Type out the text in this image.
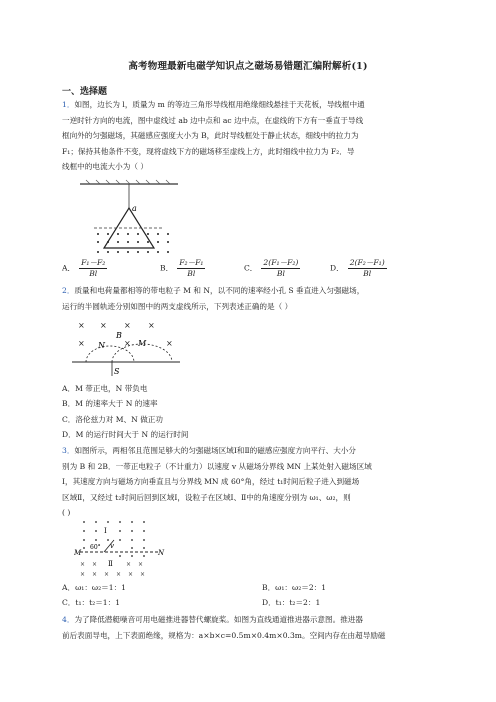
高考物理最新电磁学知识点之磁场易错题汇编附解析(1)
一、选择题
1．如图，边长为 l，质量为 m 的等边三角形导线框用绝缘细线悬挂于天花板，导线框中通
一逆时针方向的电流，图中虚线过 ab 边中点和 ac 边中点，在虚线的下方有一垂直于导线
框向外的匀强磁场，其磁感应强度大小为 B，此时导线框处于静止状态，细线中的拉力为
F₁；保持其他条件不变，现将虚线下方的磁场移至虚线上方，此时细线中拉力为 F₂．导
线框中的电流大小为（ ）
a
A． $\frac{\text{F₁－F₂}}{Bl}$	B． $\frac{\text{F₂－F₁}}{Bl}$	C． $\frac{\text{2(F₁－F₂)}}{Bl}$	D． $\frac{\text{2(F₂－F₁)}}{Bl}$
2．质量和电荷量都相等的带电粒子 M 和 N，以不同的速率经小孔 S 垂直进入匀强磁场，
运行的半圆轨迹分别如图中的两支虚线所示，下列表述正确的是（ ）
× × × ×
×	×	×
B
N	M
S
A．M 带正电，N 带负电
B．M 的速率大于 N 的速率
C．洛伦兹力对 M、N 做正功
D．M 的运行时间大于 N 的运行时间
3．如图所示，两相邻且范围足够大的匀强磁场区域Ⅰ和Ⅱ的磁感应强度方向平行、大小分
别为 B 和 2B．一带正电粒子（不计重力）以速度 v 从磁场分界线 MN 上某处射入磁场区域
Ⅰ，其速度方向与磁场方向垂直且与分界线 MN 成 60°角，经过 t₁时间后粒子进入到磁场
区域Ⅱ，又经过 t₂时间后回到区域Ⅰ，设粒子在区域Ⅰ、Ⅱ中的角速度分别为 ω₁、ω₂，则
( )
Ⅰ
60° v
M	N
Ⅱ
× ×	× ×
× × × × × ×
A．ω₁：ω₂＝1：1	B．ω₁：ω₂＝2：1
C．t₁：t₂＝1：1	D．t₁：t₂＝2：1
4．为了降低潜艇噪音可用电磁推进器替代螺旋桨。如图为直线通道推进器示意图。推进器
前后表面导电，上下表面绝缘，规格为：a×b×c=0.5m×0.4m×0.3m。空间内存在由超导励磁
